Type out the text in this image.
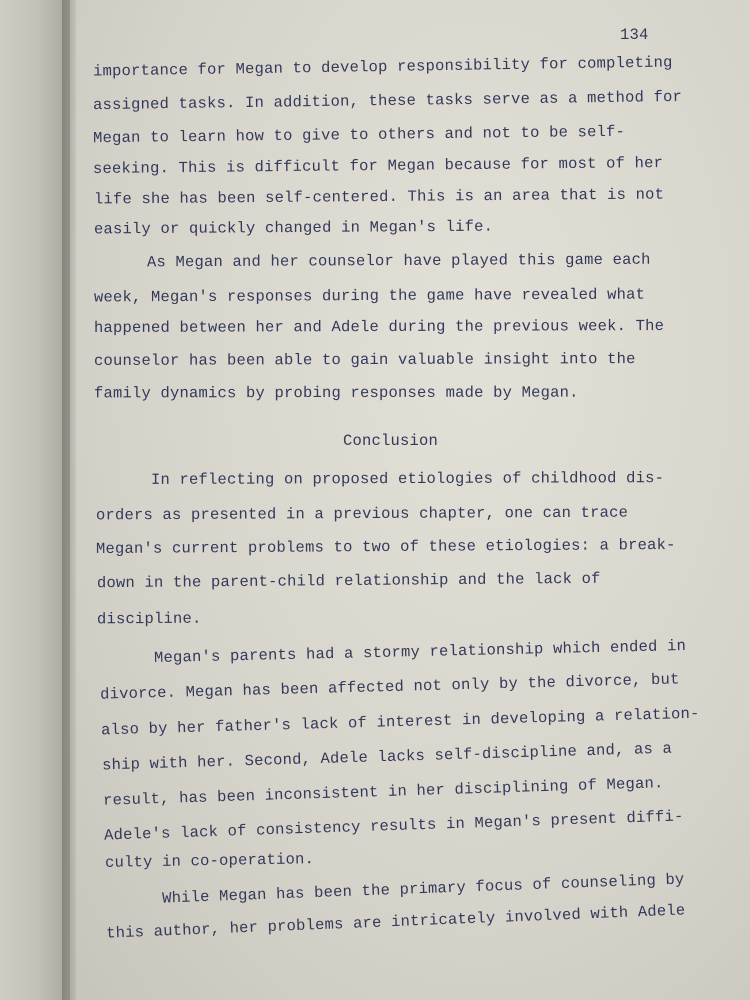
134
importance for Megan to develop responsibility for completing
assigned tasks. In addition, these tasks serve as a method for
Megan to learn how to give to others and not to be self-
seeking. This is difficult for Megan because for most of her
life she has been self-centered. This is an area that is not
easily or quickly changed in Megan's life.
As Megan and her counselor have played this game each
week, Megan's responses during the game have revealed what
happened between her and Adele during the previous week. The
counselor has been able to gain valuable insight into the
family dynamics by probing responses made by Megan.
Conclusion
In reflecting on proposed etiologies of childhood dis-
orders as presented in a previous chapter, one can trace
Megan's current problems to two of these etiologies: a break-
down in the parent-child relationship and the lack of
discipline.
Megan's parents had a stormy relationship which ended in
divorce. Megan has been affected not only by the divorce, but
also by her father's lack of interest in developing a relation-
ship with her. Second, Adele lacks self-discipline and, as a
result, has been inconsistent in her disciplining of Megan.
Adele's lack of consistency results in Megan's present diffi-
culty in co-operation.
While Megan has been the primary focus of counseling by
this author, her problems are intricately involved with Adele
